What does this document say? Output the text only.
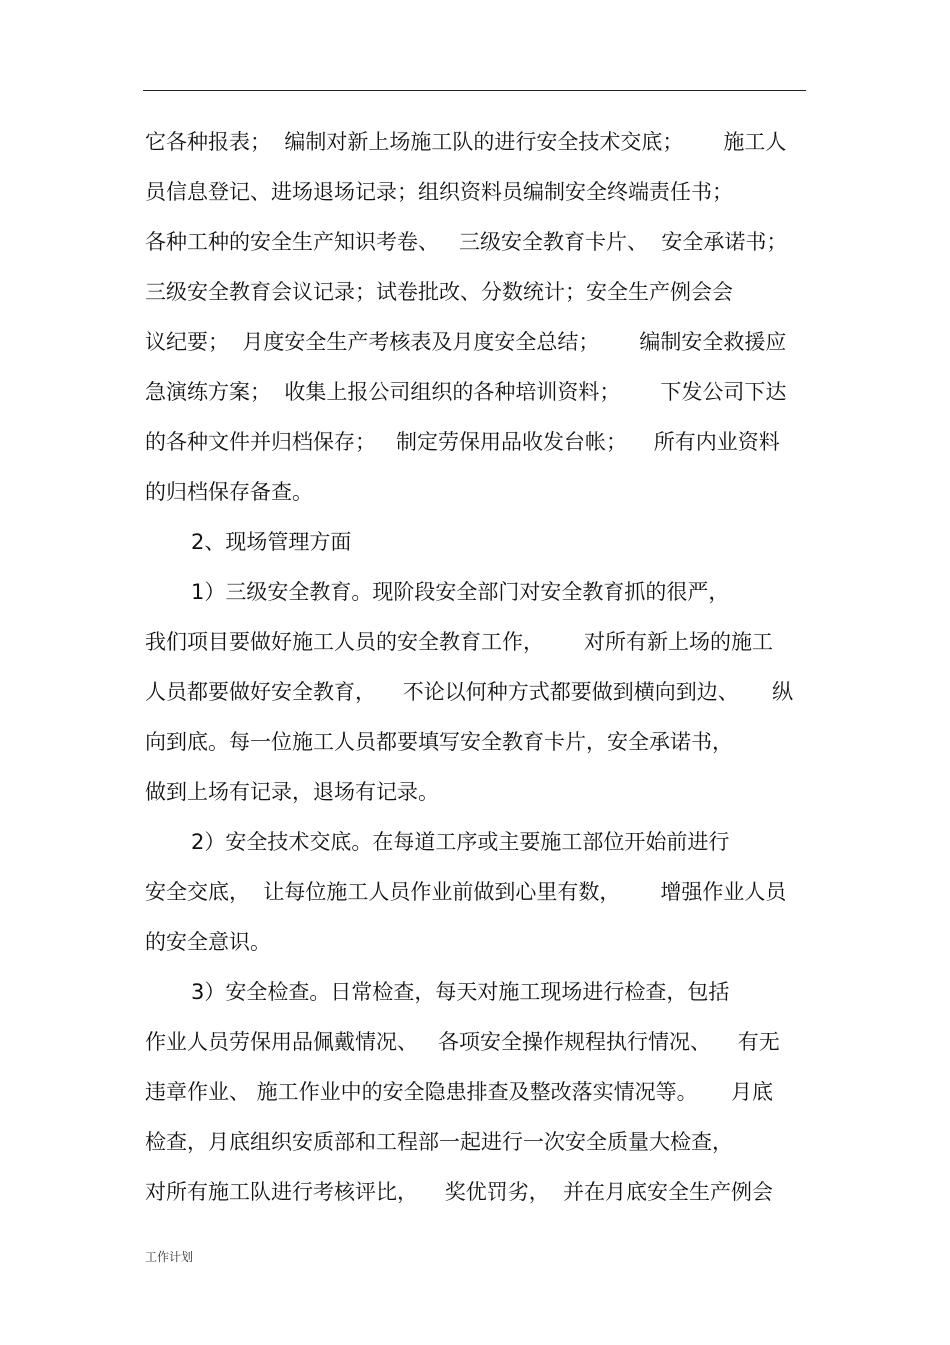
它各种报表；  编制对新上场施工队的进行安全技术交底；      施工人
员信息登记、进场退场记录；组织资料员编制安全终端责任书；
各种工种的安全生产知识考卷、   三级安全教育卡片、  安全承诺书；
三级安全教育会议记录；试卷批改、分数统计；安全生产例会会
议纪要；  月度安全生产考核表及月度安全总结；      编制安全救援应
急演练方案；  收集上报公司组织的各种培训资料；      下发公司下达
的各种文件并归档保存；   制定劳保用品收发台帐；    所有内业资料
的归档保存备查。
2、现场管理方面
1）三级安全教育。现阶段安全部门对安全教育抓的很严，
我们项目要做好施工人员的安全教育工作，      对所有新上场的施工
人员都要做好安全教育，    不论以何种方式都要做到横向到边、     纵
向到底。每一位施工人员都要填写安全教育卡片，安全承诺书，
做到上场有记录，退场有记录。
2）安全技术交底。在每道工序或主要施工部位开始前进行
安全交底，  让每位施工人员作业前做到心里有数，      增强作业人员
的安全意识。
3）安全检查。日常检查，每天对施工现场进行检查，包括
作业人员劳保用品佩戴情况、   各项安全操作规程执行情况、    有无
违章作业、 施工作业中的安全隐患排查及整改落实情况等。     月底
检查，月底组织安质部和工程部一起进行一次安全质量大检查，
对所有施工队进行考核评比，    奖优罚劣，  并在月底安全生产例会
工作计划
